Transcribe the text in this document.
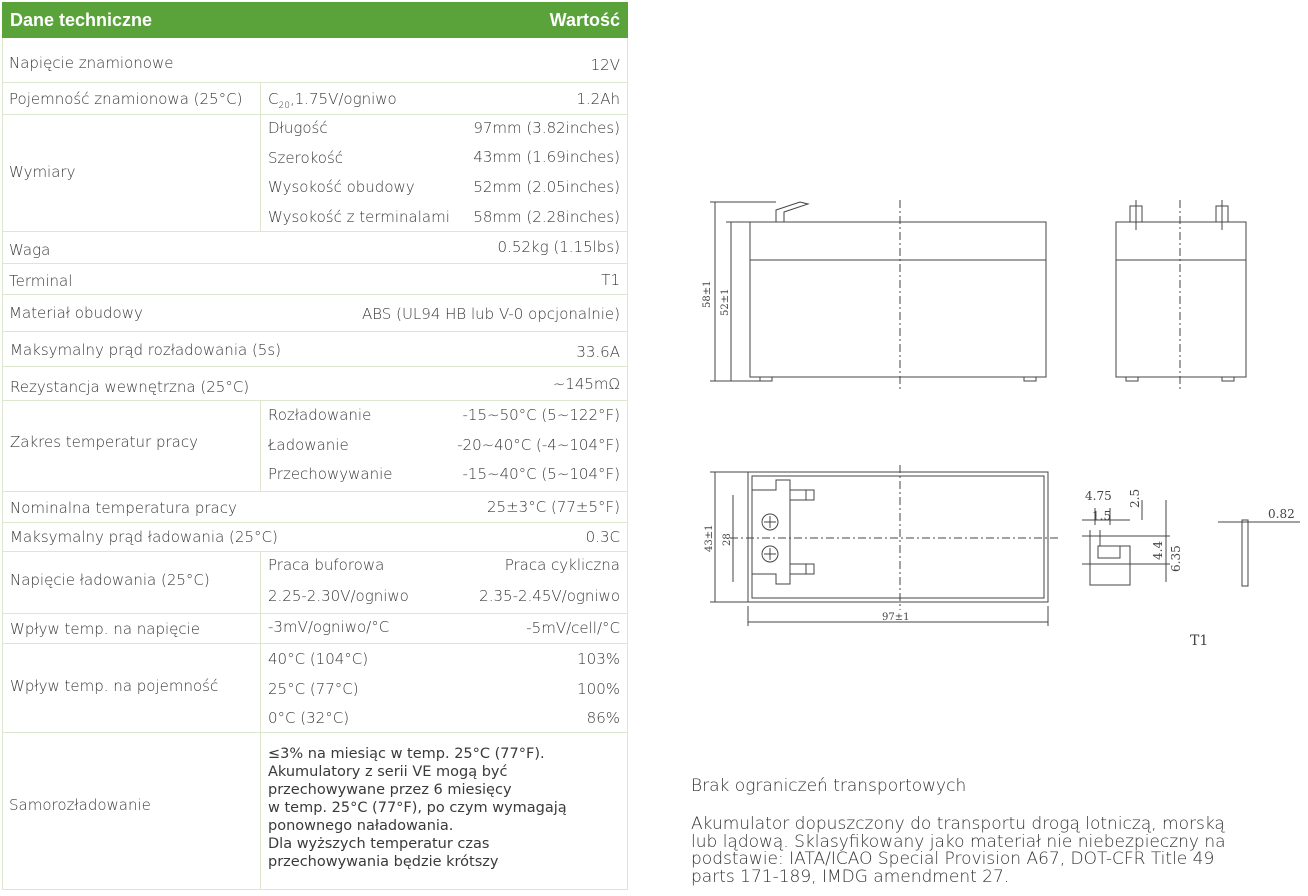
Dane techniczne	Wartość
Napięcie znamionowe	12V
Pojemność znamionowa (25°C) $C_{20},1.75V$/ogniwo	1.2Ah
Wymiary
Długość	97mm (3.82inches)
Szerokość	43mm (1.69inches)
Wysokość obudowy	52mm (2.05inches)
Wysokość z terminalami 58mm (2.28inches)
Waga	0.52kg (1.15lbs)
Terminal	T1
Materiał obudowy	ABS (UL94 HB lub V-0 opcjonalnie)
Maksymalny prąd rozładowania (5s)	33.6A
Rezystancja wewnętrzna (25°C)	~145mΩ
Zakres temperatur pracy
Rozładowanie	-15~50°C (5~122°F)
Ładowanie	-20~40°C (-4~104°F)
Przechowywanie	-15~40°C (5~104°F)
Nominalna temperatura pracy	25±3°C (77±5°F)
Maksymalny prąd ładowania (25°C)	0.3C
Napięcie ładowania (25°C)
Praca buforowa	Praca cykliczna
2.25-2.30V/ogniwo	2.35-2.45V/ogniwo
Wpływ temp. na napięcie	-3mV/ogniwo/°C	-5mV/cell/°C
Wpływ temp. na pojemność
40°C (104°C)	103%
25°C (77°C)	100%
0°C (32°C)	86%
Samorozładowanie
≤3% na miesiąc w temp. 25°C (77°F).
Akumulatory z serii VE mogą być
przechowywane przez 6 miesięcy
w temp. 25°C (77°F), po czym wymagają
ponownego naładowania.
Dla wyższych temperatur czas
przechowywania będzie krótszy
58±1 52±1
43±1 28
97±1
4.75
1.5
2.5
4.4 6.35
0.82
T1
Brak ograniczeń transportowych
Akumulator dopuszczony do transportu drogą lotniczą, morską lub lądową. Sklasyfikowany jako materiał nie niebezpieczny na podstawie: IATA/ICAO Special Provision A67, DOT-CFR Title 49 parts 171-189, IMDG amendment 27.
